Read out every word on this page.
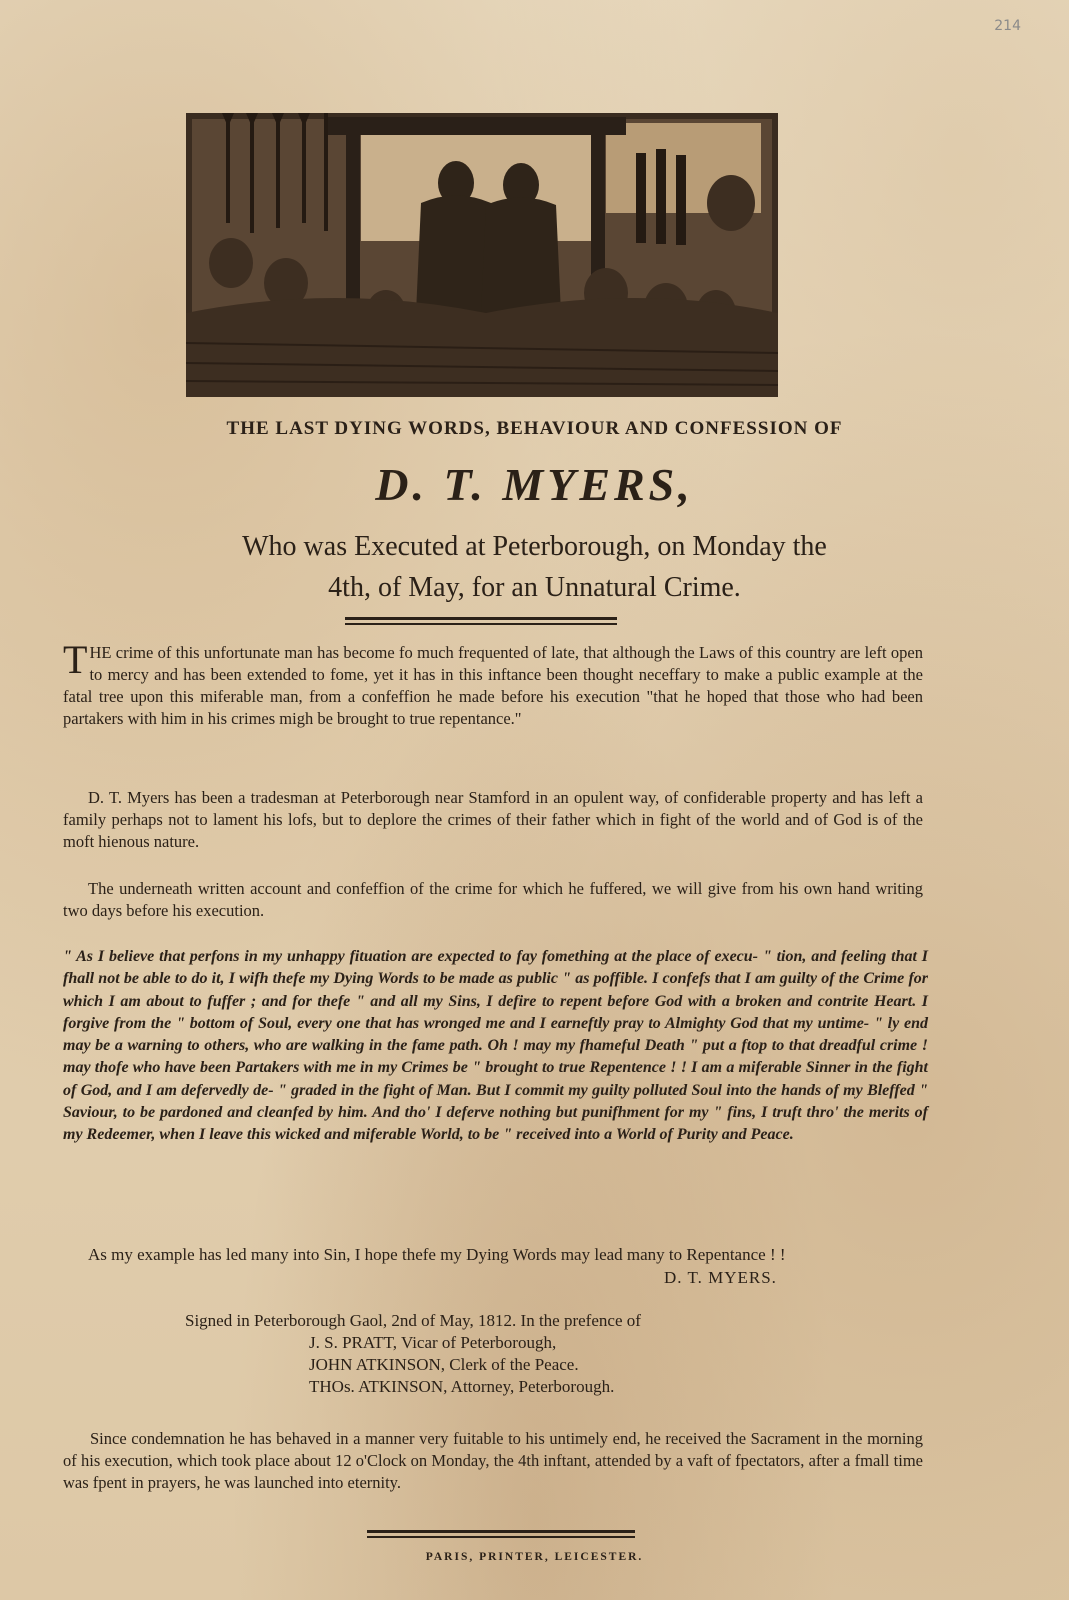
214
THE LAST DYING WORDS, BEHAVIOUR AND CONFESSION OF
D. T. MYERS,
Who was Executed at Peterborough, on Monday the
4th, of May, for an Unnatural Crime.
THE crime of this unfortunate man has become fo much frequented of late, that although the Laws of this country are left open to mercy and has been extended to fome, yet it has in this inftance been thought neceffary to make a public example at the fatal tree upon this miferable man, from a confeffion he made before his execution "that he hoped that those who had been partakers with him in his crimes migh be brought to true repentance."
D. T. Myers has been a tradesman at Peterborough near Stamford in an opulent way, of confiderable property and has left a family perhaps not to lament his lofs, but to deplore the crimes of their father which in fight of the world and of God is of the moft hienous nature.
The underneath written account and confeffion of the crime for which he fuffered, we will give from his own hand writing two days before his execution.
" As I believe that perfons in my unhappy fituation are expected to fay fomething at the place of execu- " tion, and feeling that I fhall not be able to do it, I wifh thefe my Dying Words to be made as public " as poffible. I confefs that I am guilty of the Crime for which I am about to fuffer ; and for thefe " and all my Sins, I defire to repent before God with a broken and contrite Heart. I forgive from the " bottom of Soul, every one that has wronged me and I earneftly pray to Almighty God that my untime- " ly end may be a warning to others, who are walking in the fame path. Oh ! may my fhameful Death " put a ftop to that dreadful crime ! may thofe who have been Partakers with me in my Crimes be " brought to true Repentence ! ! I am a miferable Sinner in the fight of God, and I am defervedly de- " graded in the fight of Man. But I commit my guilty polluted Soul into the hands of my Bleffed " Saviour, to be pardoned and cleanfed by him. And tho' I deferve nothing but punifhment for my " fins, I truft thro' the merits of my Redeemer, when I leave this wicked and miferable World, to be " received into a World of Purity and Peace.
As my example has led many into Sin, I hope thefe my Dying Words may lead many to Repentance ! !
D. T. MYERS.
Signed in Peterborough Gaol, 2nd of May, 1812. In the prefence of
J. S. PRATT, Vicar of Peterborough,
JOHN ATKINSON, Clerk of the Peace.
THOs. ATKINSON, Attorney, Peterborough.
Since condemnation he has behaved in a manner very fuitable to his untimely end, he received the Sacrament in the morning of his execution, which took place about 12 o'Clock on Monday, the 4th inftant, attended by a vaft of fpectators, after a fmall time was fpent in prayers, he was launched into eternity.
PARIS, PRINTER, LEICESTER.
